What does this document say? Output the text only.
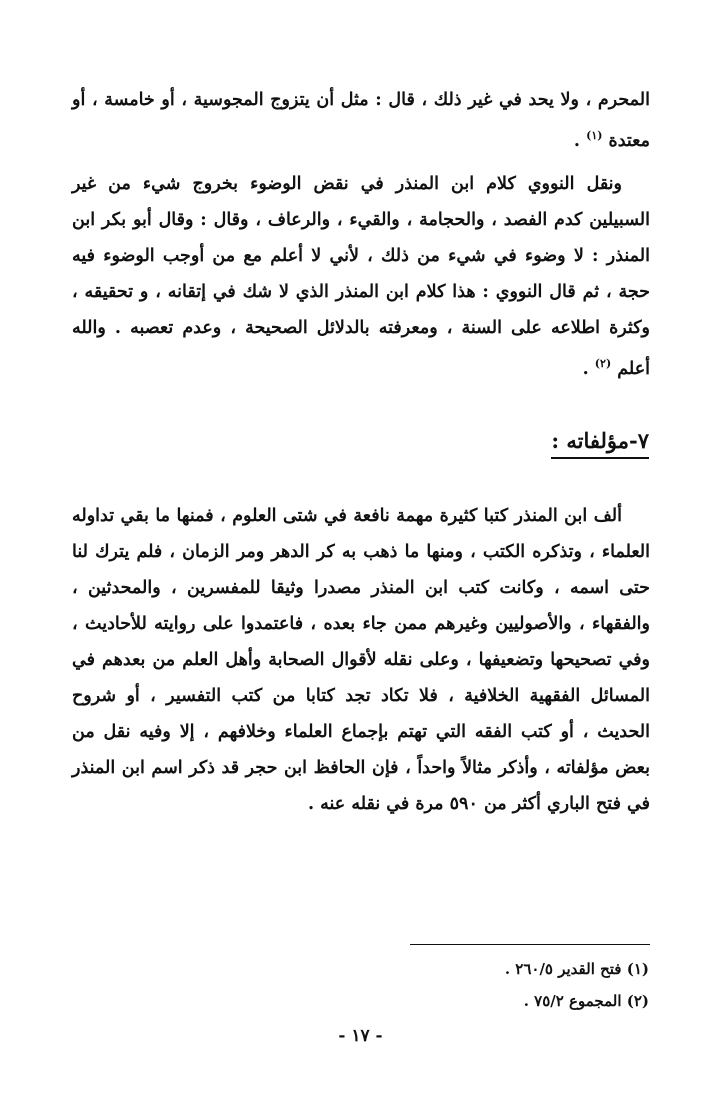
المحرم ، ولا يحد في غير ذلك ، قال : مثل أن يتزوج المجوسية ، أو خامسة ، أو معتدة $^{(١)}$ .

ونقل النووي كلام ابن المنذر في نقض الوضوء بخروج شيء من غير السبيلين كدم الفصد ، والحجامة ، والقيء ، والرعاف ، وقال : وقال أبو بكر ابن المنذر : لا وضوء في شيء من ذلك ، لأني لا أعلم مع من أوجب الوضوء فيه حجة ، ثم قال النووي : هذا كلام ابن المنذر الذي لا شك في إتقانه ، و تحقيقه ، وكثرة اطلاعه على السنة ، ومعرفته بالدلائل الصحيحة ، وعدم تعصبه . والله أعلم $^{(٢)}$ .

٧-مؤلفاته :

ألف ابن المنذر كتبا كثيرة مهمة نافعة في شتى العلوم ، فمنها ما بقي تداوله العلماء ، وتذكره الكتب ، ومنها ما ذهب به كر الدهر ومر الزمان ، فلم يترك لنا حتى اسمه ، وكانت كتب ابن المنذر مصدرا وثيقا للمفسرين ، والمحدثين ، والفقهاء ، والأصوليين وغيرهم ممن جاء بعده ، فاعتمدوا على روايته للأحاديث ، وفي تصحيحها وتضعيفها ، وعلى نقله لأقوال الصحابة وأهل العلم من بعدهم في المسائل الفقهية الخلافية ، فلا تكاد تجد كتابا من كتب التفسير ، أو شروح الحديث ، أو كتب الفقه التي تهتم بإجماع العلماء وخلافهم ، إلا وفيه نقل من بعض مؤلفاته ، وأذكر مثالاً واحداً ، فإن الحافظ ابن حجر قد ذكر اسم ابن المنذر في فتح الباري أكثر من ٥٩٠ مرة في نقله عنه .

(١) فتح القدير ٢٦٠/٥ .
(٢) المجموع ٧٥/٢ .
- ١٧ -
